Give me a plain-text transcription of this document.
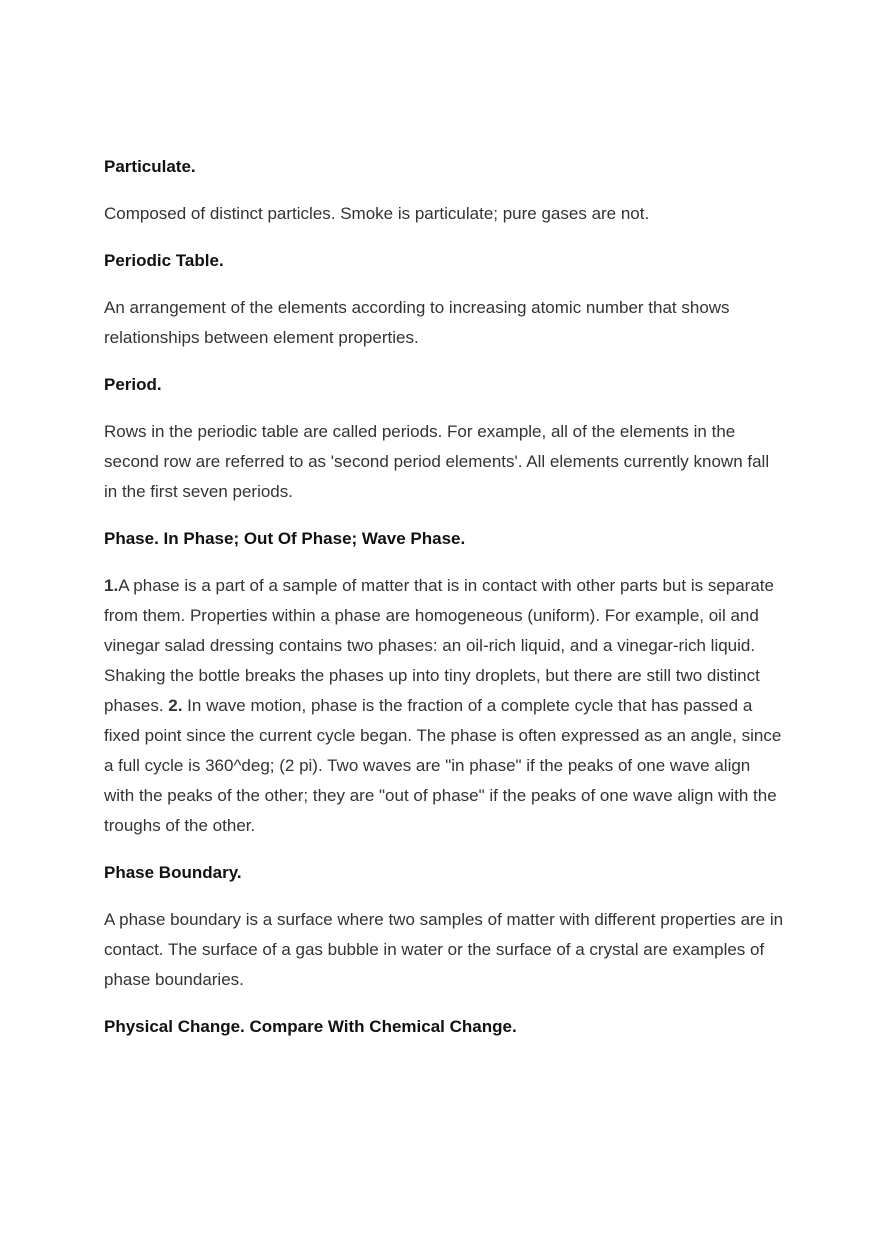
Particulate.

Composed of distinct particles. Smoke is particulate; pure gases are not.

Periodic Table.

An arrangement of the elements according to increasing atomic number that shows relationships between element properties.

Period.

Rows in the periodic table are called periods. For example, all of the elements in the second row are referred to as 'second period elements'. All elements currently known fall in the first seven periods.

Phase. In Phase; Out Of Phase; Wave Phase.

1.A phase is a part of a sample of matter that is in contact with other parts but is separate from them. Properties within a phase are homogeneous (uniform). For example, oil and vinegar salad dressing contains two phases: an oil-rich liquid, and a vinegar-rich liquid. Shaking the bottle breaks the phases up into tiny droplets, but there are still two distinct phases. 2. In wave motion, phase is the fraction of a complete cycle that has passed a fixed point since the current cycle began. The phase is often expressed as an angle, since a full cycle is 360^deg; (2 pi). Two waves are "in phase" if the peaks of one wave align with the peaks of the other; they are "out of phase" if the peaks of one wave align with the troughs of the other.

Phase Boundary.

A phase boundary is a surface where two samples of matter with different properties are in contact. The surface of a gas bubble in water or the surface of a crystal are examples of phase boundaries.

Physical Change. Compare With Chemical Change.
